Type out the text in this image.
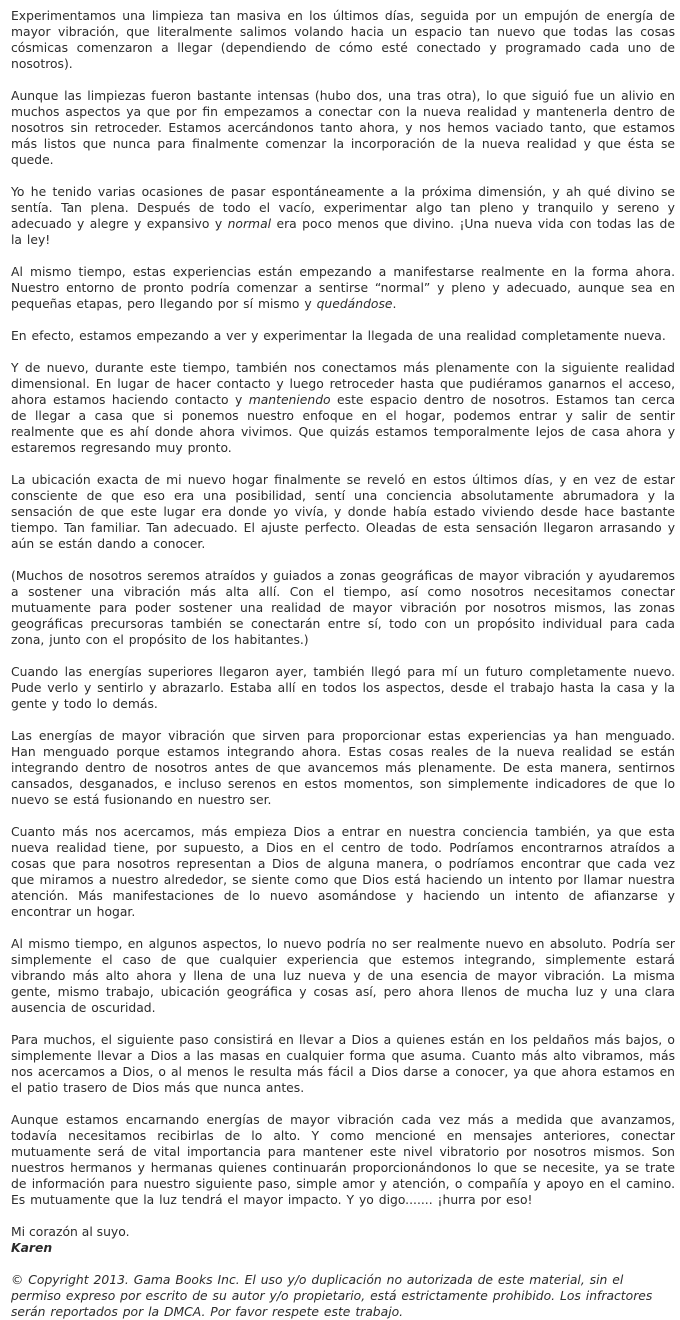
Experimentamos una limpieza tan masiva en los últimos días, seguida por un empujón de energía de mayor vibración, que literalmente salimos volando hacia un espacio tan nuevo que todas las cosas cósmicas comenzaron a llegar (dependiendo de cómo esté conectado y programado cada uno de nosotros).

Aunque las limpiezas fueron bastante intensas (hubo dos, una tras otra), lo que siguió fue un alivio en muchos aspectos ya que por fin empezamos a conectar con la nueva realidad y mantenerla dentro de nosotros sin retroceder. Estamos acercándonos tanto ahora, y nos hemos vaciado tanto, que estamos más listos que nunca para finalmente comenzar la incorporación de la nueva realidad y que ésta se quede.

Yo he tenido varias ocasiones de pasar espontáneamente a la próxima dimensión, y ah qué divino se sentía. Tan plena. Después de todo el vacío, experimentar algo tan pleno y tranquilo y sereno y adecuado y alegre y expansivo y normal era poco menos que divino. ¡Una nueva vida con todas las de la ley!

Al mismo tiempo, estas experiencias están empezando a manifestarse realmente en la forma ahora. Nuestro entorno de pronto podría comenzar a sentirse “normal” y pleno y adecuado, aunque sea en pequeñas etapas, pero llegando por sí mismo y quedándose.

En efecto, estamos empezando a ver y experimentar la llegada de una realidad completamente nueva.

Y de nuevo, durante este tiempo, también nos conectamos más plenamente con la siguiente realidad dimensional. En lugar de hacer contacto y luego retroceder hasta que pudiéramos ganarnos el acceso, ahora estamos haciendo contacto y manteniendo este espacio dentro de nosotros. Estamos tan cerca de llegar a casa que si ponemos nuestro enfoque en el hogar, podemos entrar y salir de sentir realmente que es ahí donde ahora vivimos. Que quizás estamos temporalmente lejos de casa ahora y estaremos regresando muy pronto.

La ubicación exacta de mi nuevo hogar finalmente se reveló en estos últimos días, y en vez de estar consciente de que eso era una posibilidad, sentí una conciencia absolutamente abrumadora y la sensación de que este lugar era donde yo vivía, y donde había estado viviendo desde hace bastante tiempo. Tan familiar. Tan adecuado. El ajuste perfecto. Oleadas de esta sensación llegaron arrasando y aún se están dando a conocer.

(Muchos de nosotros seremos atraídos y guiados a zonas geográficas de mayor vibración y ayudaremos a sostener una vibración más alta allí. Con el tiempo, así como nosotros necesitamos conectar mutuamente para poder sostener una realidad de mayor vibración por nosotros mismos, las zonas geográficas precursoras también se conectarán entre sí, todo con un propósito individual para cada zona, junto con el propósito de los habitantes.)

Cuando las energías superiores llegaron ayer, también llegó para mí un futuro completamente nuevo. Pude verlo y sentirlo y abrazarlo. Estaba allí en todos los aspectos, desde el trabajo hasta la casa y la gente y todo lo demás.

Las energías de mayor vibración que sirven para proporcionar estas experiencias ya han menguado. Han menguado porque estamos integrando ahora. Estas cosas reales de la nueva realidad se están integrando dentro de nosotros antes de que avancemos más plenamente. De esta manera, sentirnos cansados, desganados, e incluso serenos en estos momentos, son simplemente indicadores de que lo nuevo se está fusionando en nuestro ser.

Cuanto más nos acercamos, más empieza Dios a entrar en nuestra conciencia también, ya que esta nueva realidad tiene, por supuesto, a Dios en el centro de todo. Podríamos encontrarnos atraídos a cosas que para nosotros representan a Dios de alguna manera, o podríamos encontrar que cada vez que miramos a nuestro alrededor, se siente como que Dios está haciendo un intento por llamar nuestra atención. Más manifestaciones de lo nuevo asomándose y haciendo un intento de afianzarse y encontrar un hogar.

Al mismo tiempo, en algunos aspectos, lo nuevo podría no ser realmente nuevo en absoluto. Podría ser simplemente el caso de que cualquier experiencia que estemos integrando, simplemente estará vibrando más alto ahora y llena de una luz nueva y de una esencia de mayor vibración. La misma gente, mismo trabajo, ubicación geográfica y cosas así, pero ahora llenos de mucha luz y una clara ausencia de oscuridad.

Para muchos, el siguiente paso consistirá en llevar a Dios a quienes están en los peldaños más bajos, o simplemente llevar a Dios a las masas en cualquier forma que asuma. Cuanto más alto vibramos, más nos acercamos a Dios, o al menos le resulta más fácil a Dios darse a conocer, ya que ahora estamos en el patio trasero de Dios más que nunca antes.

Aunque estamos encarnando energías de mayor vibración cada vez más a medida que avanzamos, todavía necesitamos recibirlas de lo alto. Y como mencioné en mensajes anteriores, conectar mutuamente será de vital importancia para mantener este nivel vibratorio por nosotros mismos. Son nuestros hermanos y hermanas quienes continuarán proporcionándonos lo que se necesite, ya se trate de información para nuestro siguiente paso, simple amor y atención, o compañía y apoyo en el camino. Es mutuamente que la luz tendrá el mayor impacto. Y yo digo....... ¡hurra por eso!

Mi corazón al suyo.
Karen

© Copyright 2013. Gama Books Inc. El uso y/o duplicación no autorizada de este material, sin el permiso expreso por escrito de su autor y/o propietario, está estrictamente prohibido. Los infractores serán reportados por la DMCA. Por favor respete este trabajo.
